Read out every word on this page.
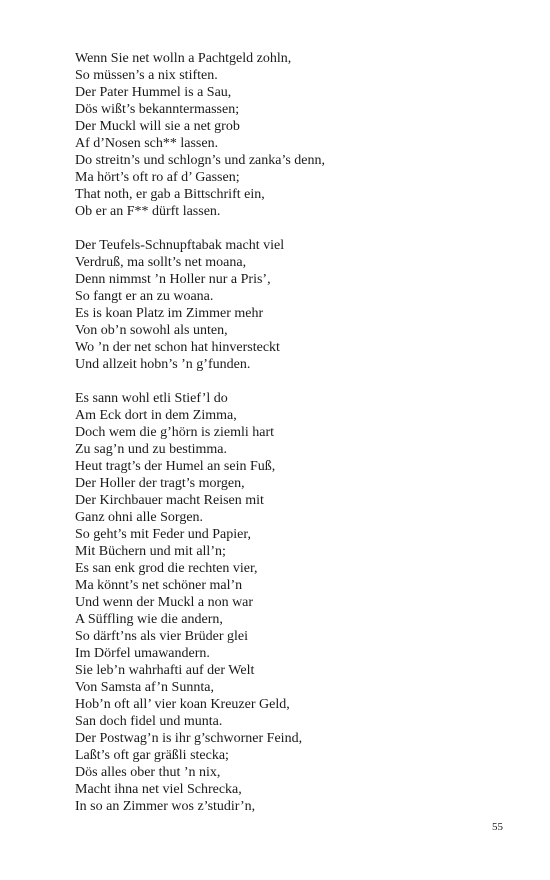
Wenn Sie net wolln a Pachtgeld zohln,
So müssen’s a nix stiften.
Der Pater Hummel is a Sau,
Dös wißt’s bekanntermassen;
Der Muckl will sie a net grob
Af d’Nosen sch** lassen.
Do streitn’s und schlogn’s und zanka’s denn,
Ma hört’s oft ro af d’ Gassen;
That noth, er gab a Bittschrift ein,
Ob er an F** dürft lassen.
Der Teufels-Schnupftabak macht viel
Verdruß, ma sollt’s net moana,
Denn nimmst ’n Holler nur a Pris’,
So fangt er an zu woana.
Es is koan Platz im Zimmer mehr
Von ob’n sowohl als unten,
Wo ’n der net schon hat hinversteckt
Und allzeit hobn’s ’n g’funden.
Es sann wohl etli Stief’l do
Am Eck dort in dem Zimma,
Doch wem die g’hörn is ziemli hart
Zu sag’n und zu bestimma.
Heut tragt’s der Humel an sein Fuß,
Der Holler der tragt’s morgen,
Der Kirchbauer macht Reisen mit
Ganz ohni alle Sorgen.
So geht’s mit Feder und Papier,
Mit Büchern und mit all’n;
Es san enk grod die rechten vier,
Ma könnt’s net schöner mal’n
Und wenn der Muckl a non war
A Süffling wie die andern,
So därft’ns als vier Brüder glei
Im Dörfel umawandern.
Sie leb’n wahrhafti auf der Welt
Von Samsta af’n Sunnta,
Hob’n oft all’ vier koan Kreuzer Geld,
San doch fidel und munta.
Der Postwag’n is ihr g’schworner Feind,
Laßt’s oft gar gräßli stecka;
Dös alles ober thut ’n nix,
Macht ihna net viel Schrecka,
In so an Zimmer wos z’studir’n,
55
